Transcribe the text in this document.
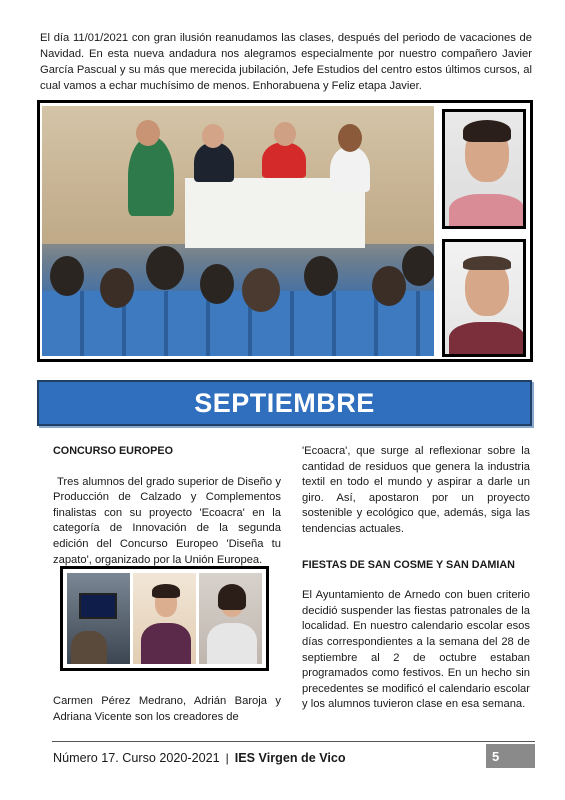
El día 11/01/2021 con gran ilusión reanudamos las clases, después del periodo de vacaciones de Navidad. En esta nueva andadura nos alegramos especialmente por nuestro compañero Javier García Pascual y su más que merecida jubilación, Jefe Estudios del centro estos últimos cursos, al cual vamos a echar muchísimo de menos. Enhorabuena y Feliz etapa Javier.
SEPTIEMBRE

CONCURSO EUROPEO

Tres alumnos del grado superior de Diseño y Producción de Calzado y Complementos finalistas con su proyecto 'Ecoacra' en la categoría de Innovación de la segunda edición del Concurso Europeo 'Diseña tu zapato', organizado por la Unión Europea.

Carmen Pérez Medrano, Adrián Baroja y Adriana Vicente son los creadores de

'Ecoacra', que surge al reflexionar sobre la cantidad de residuos que genera la industria textil en todo el mundo y aspirar a darle un giro. Así, apostaron por un proyecto sostenible y ecológico que, además, siga las tendencias actuales.

FIESTAS DE SAN COSME Y SAN DAMIAN

El Ayuntamiento de Arnedo con buen criterio decidió suspender las fiestas patronales de la localidad. En nuestro calendario escolar esos días correspondientes a la semana del 28 de septiembre al 2 de octubre estaban programados como festivos. En un hecho sin precedentes se modificó el calendario escolar y los alumnos tuvieron clase en esa semana.

Número 17. Curso 2020-2021 | IES Virgen de Vico	5
